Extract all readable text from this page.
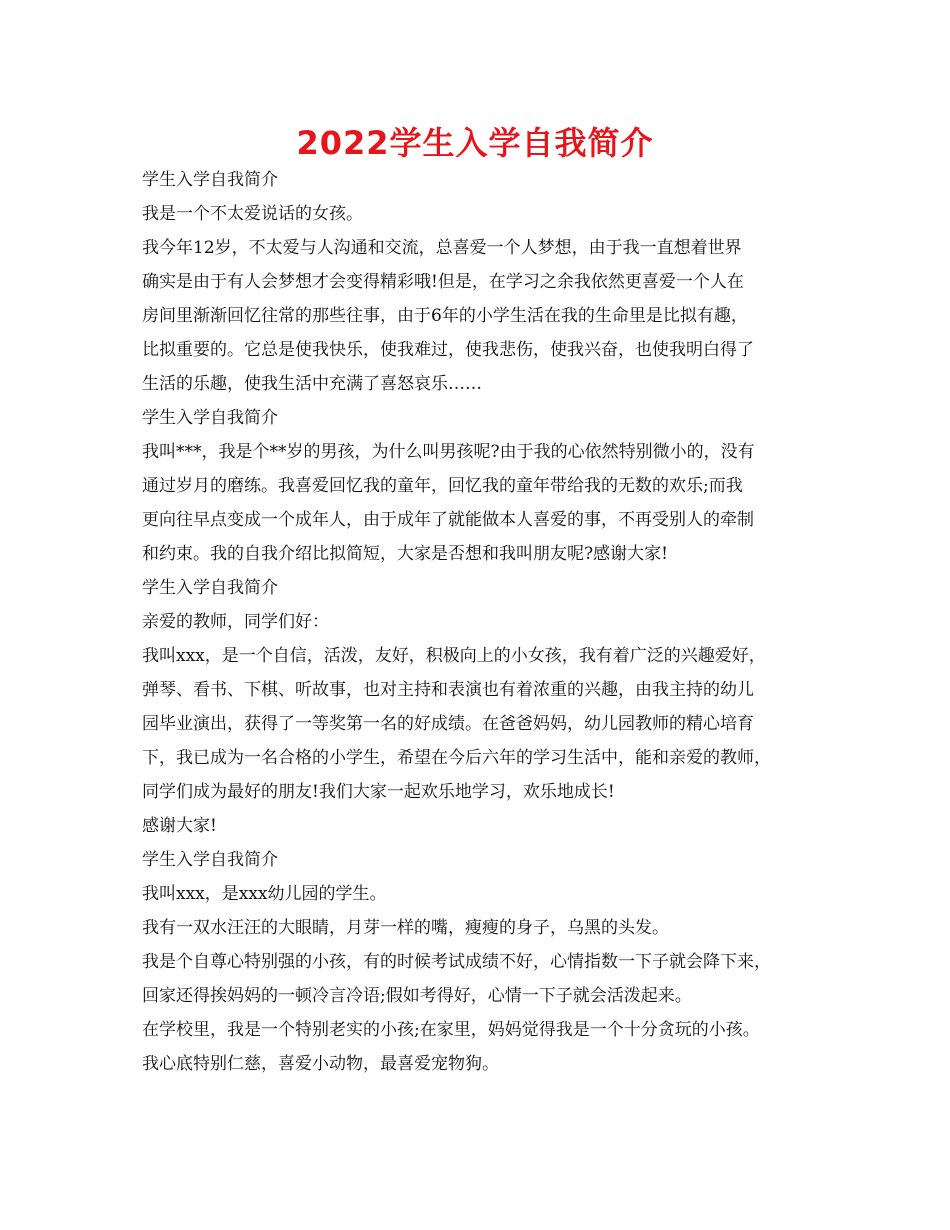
2022学生入学自我简介
学生入学自我简介
我是一个不太爱说话的女孩。
我今年12岁，不太爱与人沟通和交流，总喜爱一个人梦想，由于我一直想着世界
确实是由于有人会梦想才会变得精彩哦!但是，在学习之余我依然更喜爱一个人在
房间里渐渐回忆往常的那些往事，由于6年的小学生活在我的生命里是比拟有趣，
比拟重要的。它总是使我快乐，使我难过，使我悲伤，使我兴奋，也使我明白得了
生活的乐趣，使我生活中充满了喜怒哀乐……
学生入学自我简介
我叫***，我是个**岁的男孩，为什么叫男孩呢?由于我的心依然特别微小的，没有
通过岁月的磨练。我喜爱回忆我的童年，回忆我的童年带给我的无数的欢乐;而我
更向往早点变成一个成年人，由于成年了就能做本人喜爱的事，不再受别人的牵制
和约束。我的自我介绍比拟简短，大家是否想和我叫朋友呢?感谢大家!
学生入学自我简介
亲爱的教师，同学们好：
我叫xxx，是一个自信，活泼，友好，积极向上的小女孩，我有着广泛的兴趣爱好，
弹琴、看书、下棋、听故事，也对主持和表演也有着浓重的兴趣，由我主持的幼儿
园毕业演出，获得了一等奖第一名的好成绩。在爸爸妈妈，幼儿园教师的精心培育
下，我已成为一名合格的小学生，希望在今后六年的学习生活中，能和亲爱的教师，
同学们成为最好的朋友!我们大家一起欢乐地学习，欢乐地成长!
感谢大家!
学生入学自我简介
我叫xxx，是xxx幼儿园的学生。
我有一双水汪汪的大眼睛，月芽一样的嘴，瘦瘦的身子，乌黑的头发。
我是个自尊心特别强的小孩，有的时候考试成绩不好，心情指数一下子就会降下来，
回家还得挨妈妈的一顿冷言冷语;假如考得好，心情一下子就会活泼起来。
在学校里，我是一个特别老实的小孩;在家里，妈妈觉得我是一个十分贪玩的小孩。
我心底特别仁慈，喜爱小动物，最喜爱宠物狗。
